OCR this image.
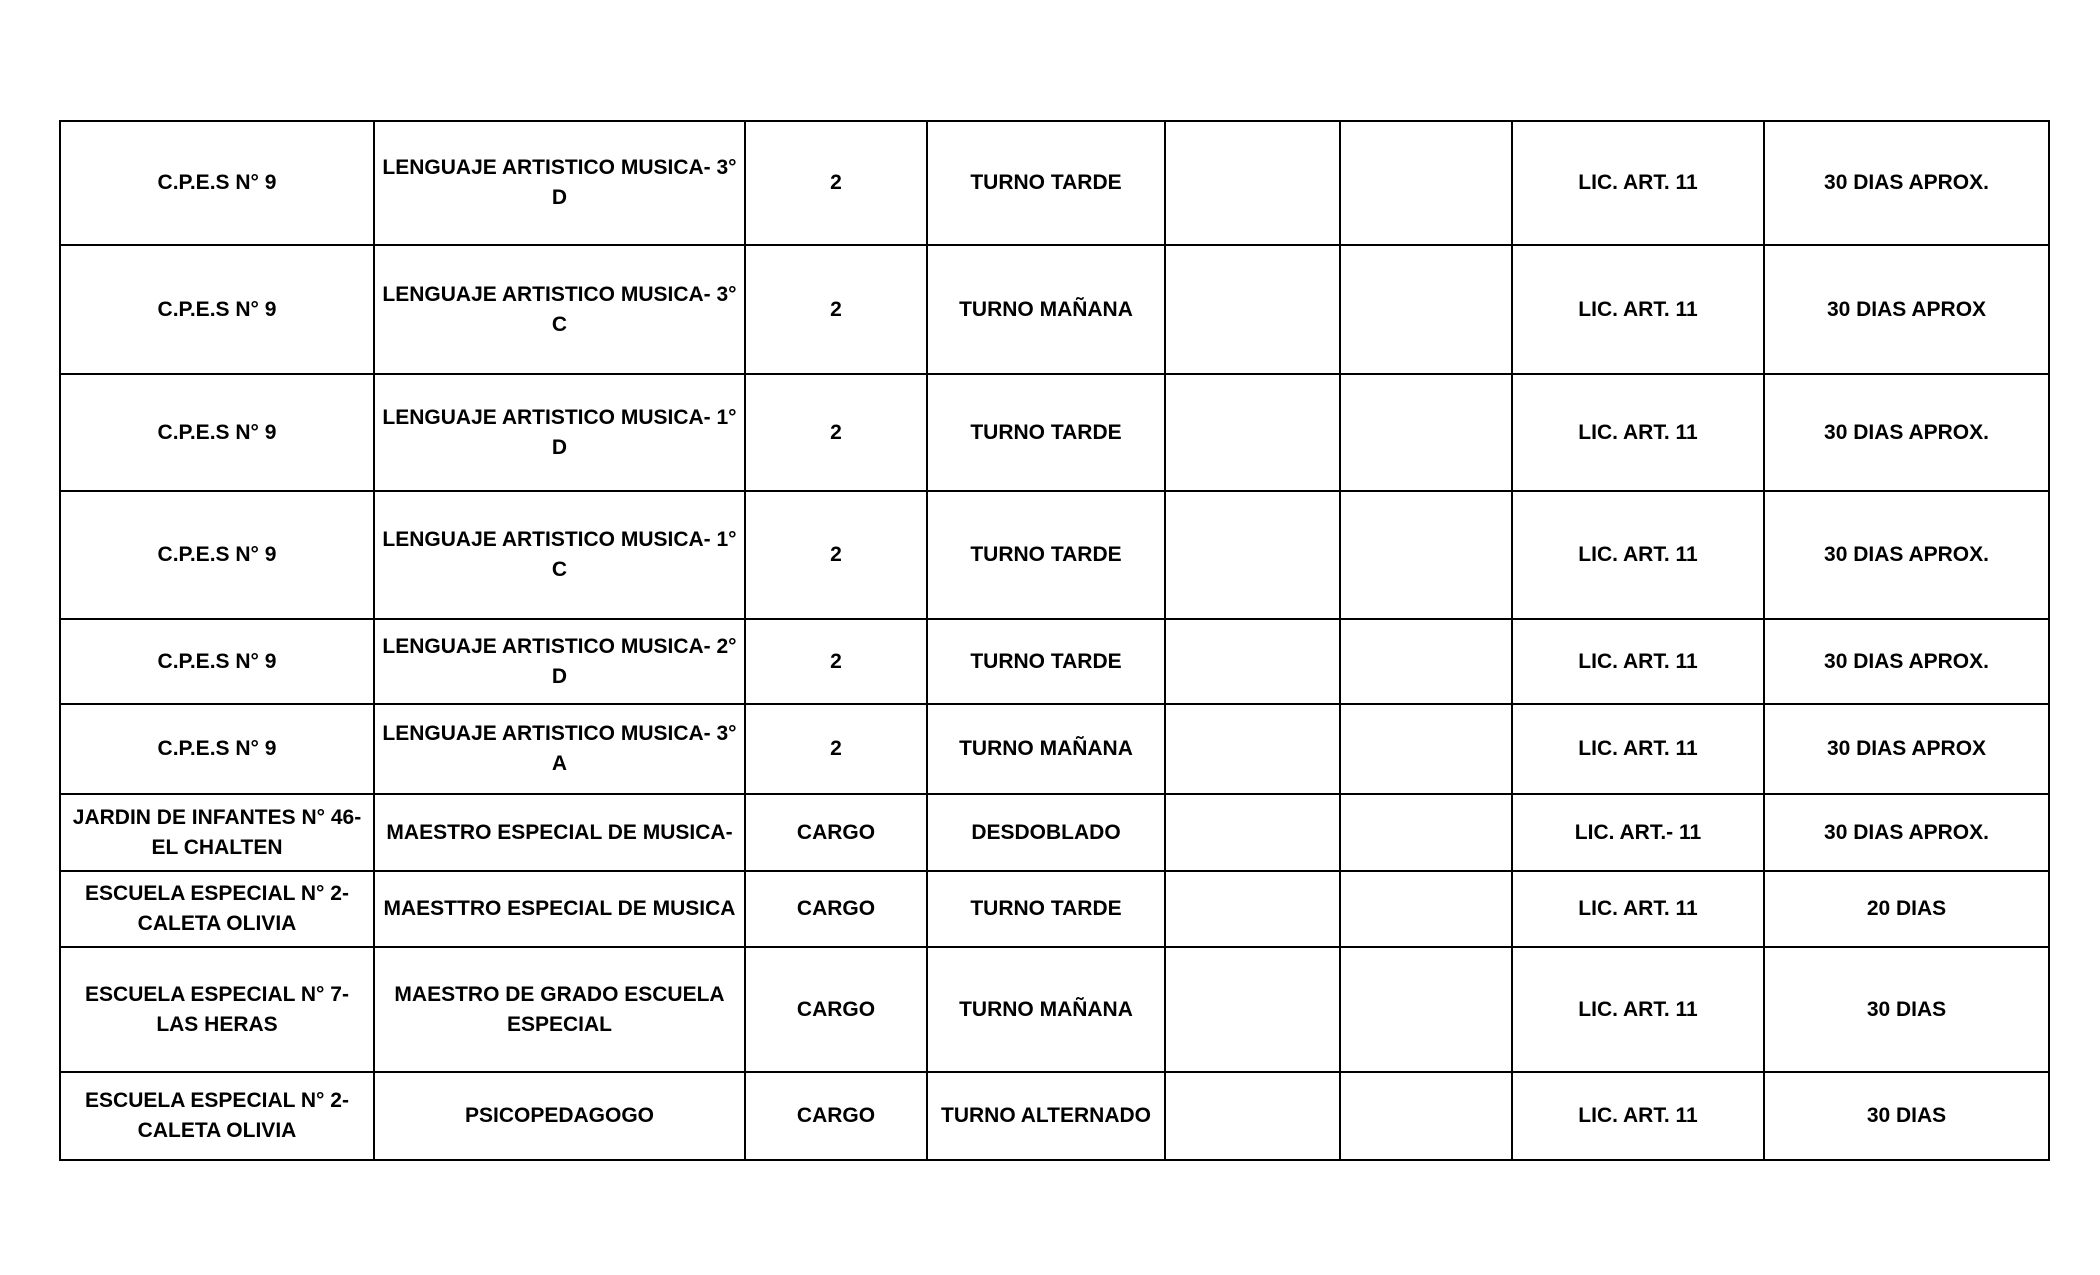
C.P.E.S N° 9	LENGUAJE ARTISTICO MUSICA- 3° D	2	TURNO TARDE			LIC. ART. 11	30 DIAS APROX.
C.P.E.S N° 9	LENGUAJE ARTISTICO MUSICA- 3° C	2	TURNO MAÑANA			LIC. ART. 11	30 DIAS APROX
C.P.E.S N° 9	LENGUAJE ARTISTICO MUSICA- 1° D	2	TURNO TARDE			LIC. ART. 11	30 DIAS APROX.
C.P.E.S N° 9	LENGUAJE ARTISTICO MUSICA- 1° C	2	TURNO TARDE			LIC. ART. 11	30 DIAS APROX.
C.P.E.S N° 9	LENGUAJE ARTISTICO MUSICA- 2° D	2	TURNO TARDE			LIC. ART. 11	30 DIAS APROX.
C.P.E.S N° 9	LENGUAJE ARTISTICO MUSICA- 3° A	2	TURNO MAÑANA			LIC. ART. 11	30 DIAS APROX
JARDIN DE INFANTES N° 46- EL CHALTEN	MAESTRO ESPECIAL DE MUSICA-	CARGO	DESDOBLADO			LIC. ART.- 11	30 DIAS APROX.
ESCUELA ESPECIAL N° 2- CALETA OLIVIA	MAESTTRO ESPECIAL DE MUSICA	CARGO	TURNO TARDE			LIC. ART. 11	20 DIAS
ESCUELA ESPECIAL N° 7- LAS HERAS	MAESTRO DE GRADO ESCUELA ESPECIAL	CARGO	TURNO MAÑANA			LIC. ART. 11	30 DIAS
ESCUELA ESPECIAL N° 2- CALETA OLIVIA	PSICOPEDAGOGO	CARGO	TURNO ALTERNADO			LIC. ART. 11	30 DIAS
